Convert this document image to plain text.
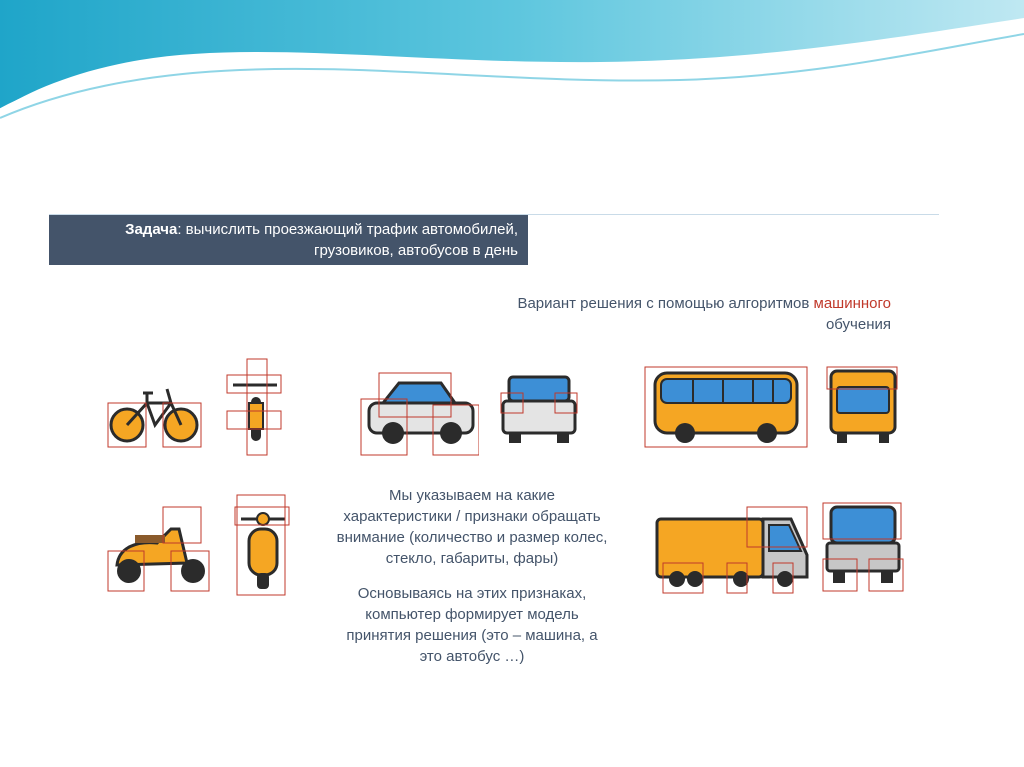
Задача: вычислить проезжающий трафик автомобилей,
грузовиков, автобусов в день
Вариант решения с помощью алгоритмов машинного
обучения
Мы указываем на какие
характеристики / признаки обращать
внимание (количество и размер колес,
стекло, габариты, фары)
Основываясь на этих признаках,
компьютер формирует модель
принятия решения (это – машина, а
это автобус …)
